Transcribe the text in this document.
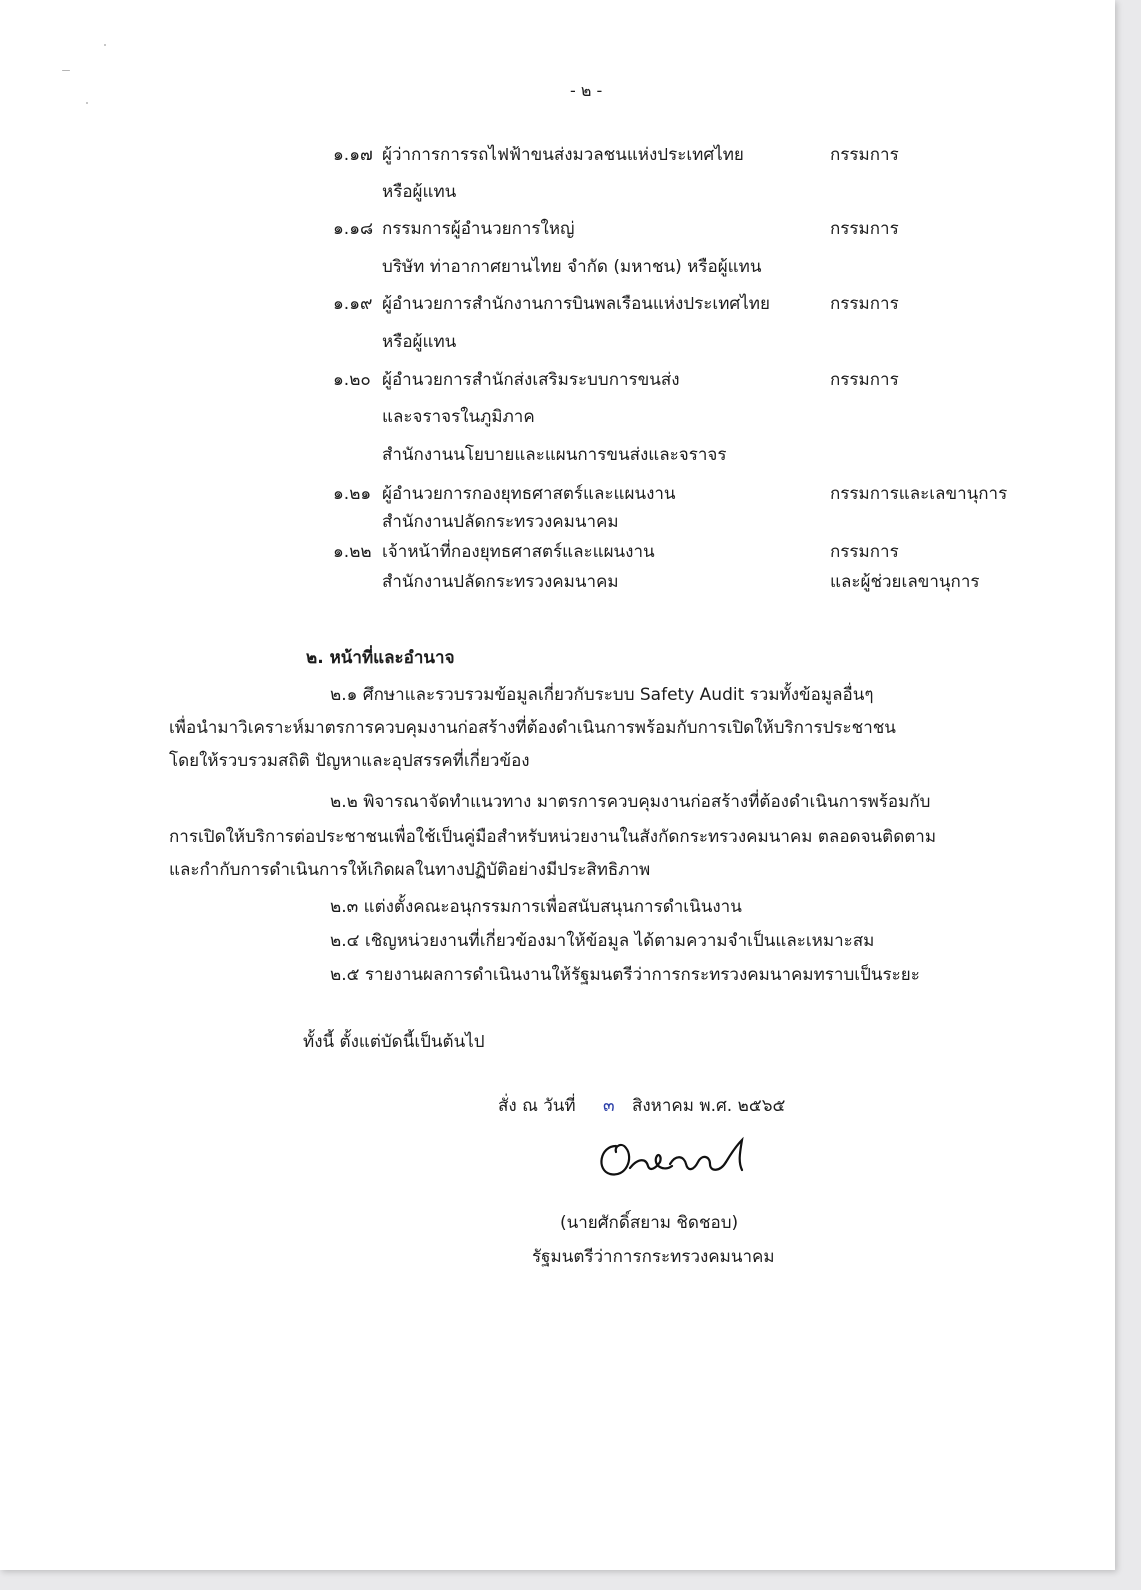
- ๒ -
๑.๑๗ ผู้ว่าการการรถไฟฟ้าขนส่งมวลชนแห่งประเทศไทย
หรือผู้แทน
กรรมการ
๑.๑๘ กรรมการผู้อำนวยการใหญ่
บริษัท ท่าอากาศยานไทย จำกัด (มหาชน) หรือผู้แทน
กรรมการ
๑.๑๙ ผู้อำนวยการสำนักงานการบินพลเรือนแห่งประเทศไทย
หรือผู้แทน
กรรมการ
๑.๒๐ ผู้อำนวยการสำนักส่งเสริมระบบการขนส่ง
และจราจรในภูมิภาค
สำนักงานนโยบายและแผนการขนส่งและจราจร
กรรมการ
๑.๒๑ ผู้อำนวยการกองยุทธศาสตร์และแผนงาน
สำนักงานปลัดกระทรวงคมนาคม
กรรมการและเลขานุการ
๑.๒๒ เจ้าหน้าที่กองยุทธศาสตร์และแผนงาน
สำนักงานปลัดกระทรวงคมนาคม
กรรมการ
และผู้ช่วยเลขานุการ
๒. หน้าที่และอำนาจ
๒.๑ ศึกษาและรวบรวมข้อมูลเกี่ยวกับระบบ Safety Audit รวมทั้งข้อมูลอื่นๆ
เพื่อนำมาวิเคราะห์มาตรการควบคุมงานก่อสร้างที่ต้องดำเนินการพร้อมกับการเปิดให้บริการประชาชน
โดยให้รวบรวมสถิติ ปัญหาและอุปสรรคที่เกี่ยวข้อง
๒.๒ พิจารณาจัดทำแนวทาง มาตรการควบคุมงานก่อสร้างที่ต้องดำเนินการพร้อมกับ
การเปิดให้บริการต่อประชาชนเพื่อใช้เป็นคู่มือสำหรับหน่วยงานในสังกัดกระทรวงคมนาคม ตลอดจนติดตาม
และกำกับการดำเนินการให้เกิดผลในทางปฏิบัติอย่างมีประสิทธิภาพ
๒.๓ แต่งตั้งคณะอนุกรรมการเพื่อสนับสนุนการดำเนินงาน
๒.๔ เชิญหน่วยงานที่เกี่ยวข้องมาให้ข้อมูล ได้ตามความจำเป็นและเหมาะสม
๒.๕ รายงานผลการดำเนินงานให้รัฐมนตรีว่าการกระทรวงคมนาคมทราบเป็นระยะ
ทั้งนี้ ตั้งแต่บัดนี้เป็นต้นไป
สั่ง ณ วันที่ ๓ สิงหาคม พ.ศ. ๒๕๖๕
(นายศักดิ์สยาม ชิดชอบ)
รัฐมนตรีว่าการกระทรวงคมนาคม
